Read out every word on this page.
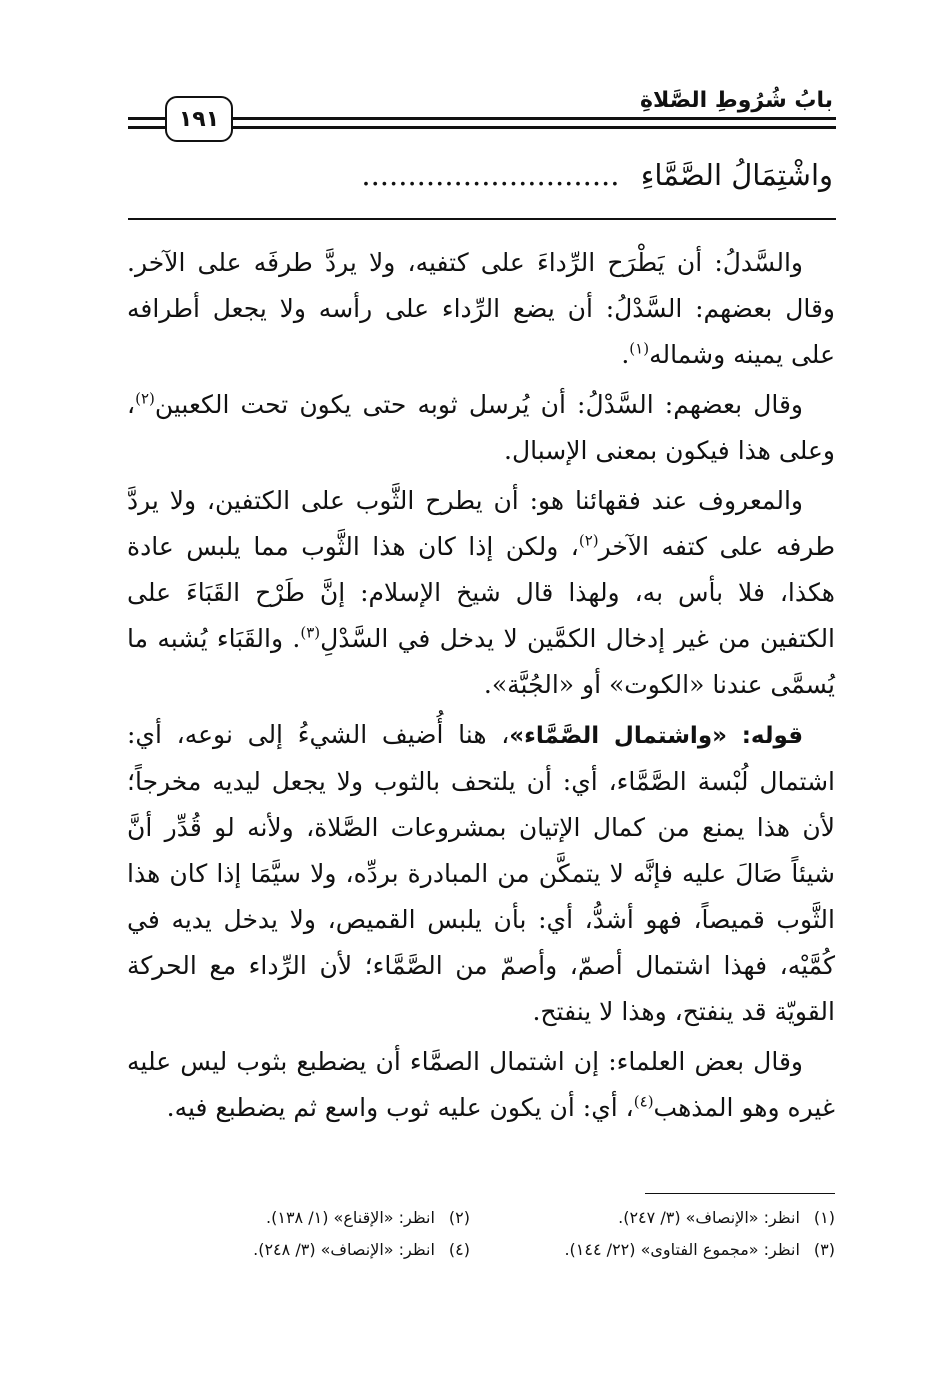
بابُ شُرُوطِ الصَّلاةِ
١٩١
واشْتِمَالُ الصَّمَّاءِ ............................

والسَّدلُ: أن يَطْرَح الرِّداءَ على كتفيه، ولا يردَّ طرفَه على الآخر. وقال بعضهم: السَّدْلُ: أن يضع الرِّداء على رأسه ولا يجعل أطرافه على يمينه وشماله$^{(١)}$.

وقال بعضهم: السَّدْلُ: أن يُرسل ثوبه حتى يكون تحت الكعبين$^{(٢)}$، وعلى هذا فيكون بمعنى الإسبال.

والمعروف عند فقهائنا هو: أن يطرح الثَّوب على الكتفين، ولا يردَّ طرفه على كتفه الآخر$^{(٢)}$، ولكن إذا كان هذا الثَّوب مما يلبس عادة هكذا، فلا بأس به، ولهذا قال شيخ الإسلام: إنَّ طَرْح القَبَاءَ على الكتفين من غير إدخال الكمَّين لا يدخل في السَّدْلِ$^{(٣)}$. والقَبَاء يُشبه ما يُسمَّى عندنا «الكوت» أو «الجُبَّة».

قوله: «واشتمال الصَّمَّاء»، هنا أُضيف الشيءُ إلى نوعه، أي: اشتمال لُبْسة الصَّمَّاء، أي: أن يلتحف بالثوب ولا يجعل ليديه مخرجاً؛ لأن هذا يمنع من كمال الإتيان بمشروعات الصَّلاة، ولأنه لو قُدِّر أنَّ شيئاً صَالَ عليه فإنَّه لا يتمكَّن من المبادرة بردِّه، ولا سيَّمَا إذا كان هذا الثَّوب قميصاً، فهو أشدُّ، أي: بأن يلبس القميص، ولا يدخل يديه في كُمَّيْه، فهذا اشتمال أصمّ، وأصمّ من الصَّمَّاء؛ لأن الرِّداء مع الحركة القويّة قد ينفتح، وهذا لا ينفتح.

وقال بعض العلماء: إن اشتمال الصمَّاء أن يضطبع بثوب ليس عليه غيره وهو المذهب$^{(٤)}$، أي: أن يكون عليه ثوب واسع ثم يضطبع فيه.

(١)
انظر: «الإنصاف» (٣/ ٢٤٧).
(٢)
انظر: «الإقناع» (١/ ١٣٨).
(٣)
انظر: «مجموع الفتاوى» (٢٢/ ١٤٤).
(٤)
انظر: «الإنصاف» (٣/ ٢٤٨).
